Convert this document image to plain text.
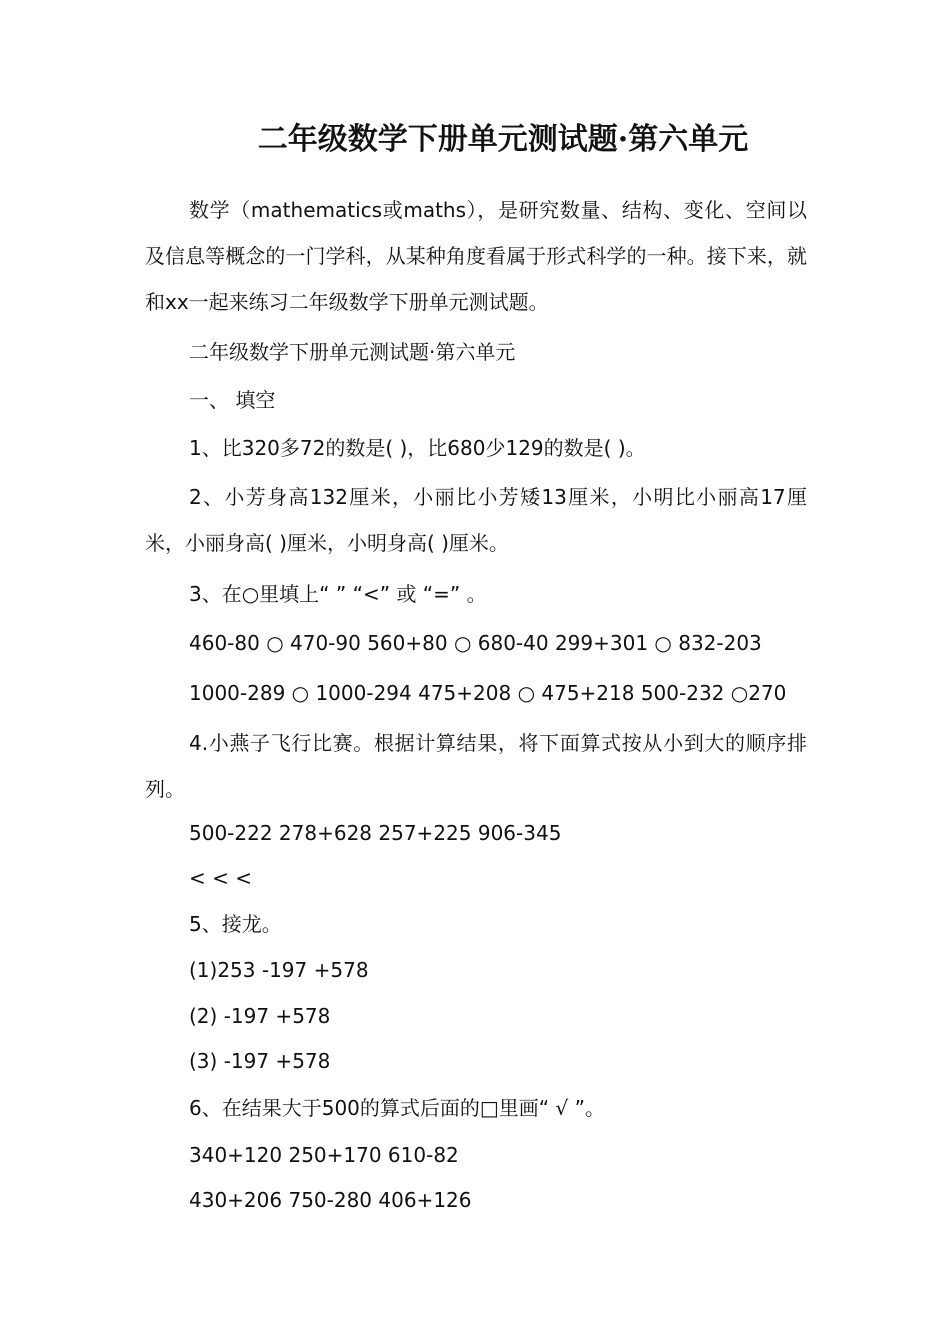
二年级数学下册单元测试题·第六单元
数学（mathematics或maths），是研究数量、结构、变化、空间以及信息等概念的一门学科，从某种角度看属于形式科学的一种。接下来，就和xx一起来练习二年级数学下册单元测试题。
二年级数学下册单元测试题·第六单元
一、 填空
1、比320多72的数是( )，比680少129的数是( )。
2、小芳身高132厘米，小丽比小芳矮13厘米，小明比小丽高17厘米，小丽身高( )厘米，小明身高( )厘米。
3、在○里填上“ ” “<” 或 “=” 。
460-80 ○ 470-90 560+80 ○ 680-40 299+301 ○ 832-203
1000-289 ○ 1000-294 475+208 ○ 475+218 500-232 ○270
4.小燕子飞行比赛。根据计算结果，将下面算式按从小到大的顺序排列。
500-222 278+628 257+225 906-345
< < <
5、接龙。
(1)253 -197 +578
(2) -197 +578
(3) -197 +578
6、在结果大于500的算式后面的□里画“ √ ”。
340+120 250+170 610-82
430+206 750-280 406+126
